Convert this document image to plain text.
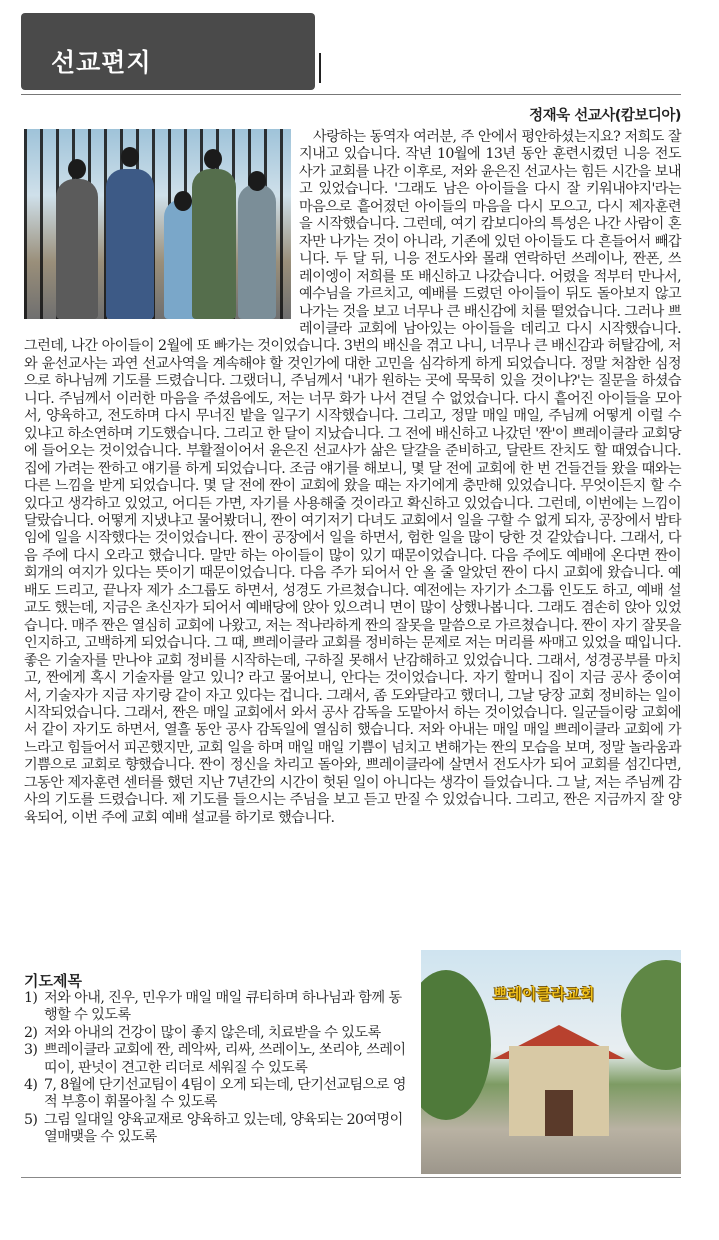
선교편지
정재욱 선교사(캄보디아)

사랑하는 동역자 여러분, 주 안에서 평안하셨는지요? 저희도 잘 지내고 있습니다. 작년 10월에 13년 동안 훈련시켰던 니응 전도사가 교회를 나간 이후로, 저와 윤은진 선교사는 힘든 시간을 보내고 있었습니다. '그래도 남은 아이들을 다시 잘 키워내야지'라는 마음으로 흩어졌던 아이들의 마음을 다시 모으고, 다시 제자훈련을 시작했습니다. 그런데, 여기 캄보디아의 특성은 나간 사람이 혼자만 나가는 것이 아니라, 기존에 있던 아이들도 다 흔들어서 빼갑니다. 두 달 뒤, 니응 전도사와 몰래 연락하던 쓰레이나, 짠폰, 쓰레이엥이 저희를 또 배신하고 나갔습니다. 어렸을 적부터 만나서, 예수님을 가르치고, 예배를 드렸던 아이들이 뒤도 돌아보지 않고 나가는 것을 보고 너무나 큰 배신감에 치를 떨었습니다. 그러나 쁘레이클라 교회에 남아있는 아이들을 데리고 다시 시작했습니다. 그런데, 나간 아이들이 2월에 또 빠가는 것이었습니다. 3번의 배신을 겪고 나니, 너무나 큰 배신감과 허탈감에, 저와 윤선교사는 과연 선교사역을 계속해야 할 것인가에 대한 고민을 심각하게 하게 되었습니다. 정말 처참한 심정으로 하나님께 기도를 드렸습니다. 그랬더니, 주님께서 '내가 원하는 곳에 묵묵히 있을 것이냐?'는 질문을 하셨습니다. 주님께서 이러한 마음을 주셨음에도, 저는 너무 화가 나서 견딜 수 없었습니다. 다시 흩어진 아이들을 모아서, 양육하고, 전도하며 다시 무너진 밭을 일구기 시작했습니다. 그리고, 정말 매일 매일, 주님께 어떻게 이럴 수 있냐고 하소연하며 기도했습니다. 그리고 한 달이 지났습니다. 그 전에 배신하고 나갔던 '짠'이 쁘레이클라 교회당에 들어오는 것이었습니다. 부활절이어서 윤은진 선교사가 삶은 달걀을 준비하고, 달란트 잔치도 할 때였습니다. 집에 가려는 짠하고 얘기를 하게 되었습니다. 조금 얘기를 해보니, 몇 달 전에 교회에 한 번 건들건들 왔을 때와는 다른 느낌을 받게 되었습니다. 몇 달 전에 짠이 교회에 왔을 때는 자기에게 충만해 있었습니다. 무엇이든지 할 수 있다고 생각하고 있었고, 어디든 가면, 자기를 사용해줄 것이라고 확신하고 있었습니다. 그런데, 이번에는 느낌이 달랐습니다. 어떻게 지냈냐고 물어봤더니, 짠이 여기저기 다녀도 교회에서 일을 구할 수 없게 되자, 공장에서 밤타임에 일을 시작했다는 것이었습니다. 짠이 공장에서 일을 하면서, 험한 일을 많이 당한 것 같았습니다. 그래서, 다음 주에 다시 오라고 했습니다. 말만 하는 아이들이 많이 있기 때문이었습니다. 다음 주에도 예배에 온다면 짠이 회개의 여지가 있다는 뜻이기 때문이었습니다. 다음 주가 되어서 안 올 줄 알았던 짠이 다시 교회에 왔습니다. 예배도 드리고, 끝나자 제가 소그룹도 하면서, 성경도 가르쳤습니다. 예전에는 자기가 소그룹 인도도 하고, 예배 설교도 했는데, 지금은 초신자가 되어서 예배당에 앉아 있으려니 면이 많이 상했나봅니다. 그래도 겸손히 앉아 있었습니다. 매주 짠은 열심히 교회에 나왔고, 저는 적나라하게 짠의 잘못을 말씀으로 가르쳤습니다. 짠이 자기 잘못을 인지하고, 고백하게 되었습니다. 그 때, 쁘레이클라 교회를 정비하는 문제로 저는 머리를 싸매고 있었을 때입니다. 좋은 기술자를 만나야 교회 정비를 시작하는데, 구하질 못해서 난감해하고 있었습니다. 그래서, 성경공부를 마치고, 짠에게 혹시 기술자를 알고 있니? 라고 물어보니, 안다는 것이었습니다. 자기 할머니 집이 지금 공사 중이여서, 기술자가 지금 자기랑 같이 자고 있다는 겁니다. 그래서, 좀 도와달라고 했더니, 그날 당장 교회 정비하는 일이 시작되었습니다. 그래서, 짠은 매일 교회에서 와서 공사 감독을 도맡아서 하는 것이었습니다. 일군들이랑 교회에서 같이 자기도 하면서, 열흘 동안 공사 감독일에 열심히 했습니다. 저와 아내는 매일 매일 쁘레이클라 교회에 가느라고 힘들어서 피곤했지만, 교회 일을 하며 매일 매일 기쁨이 넘치고 변해가는 짠의 모습을 보며, 정말 놀라움과 기쁨으로 교회로 향했습니다. 짠이 정신을 차리고 돌아와, 쁘레이클라에 살면서 전도사가 되어 교회를 섬긴다면, 그동안 제자훈련 센터를 했던 지난 7년간의 시간이 헛된 일이 아니다는 생각이 들었습니다. 그 날, 저는 주님께 감사의 기도를 드렸습니다. 제 기도를 들으시는 주님을 보고 듣고 만질 수 있었습니다. 그리고, 짠은 지금까지 잘 양육되어, 이번 주에 교회 예배 설교를 하기로 했습니다.

기도제목
1) 저와 아내, 진우, 민우가 매일 매일 큐티하며 하나님과 함께 동행할 수 있도록
2) 저와 아내의 건강이 많이 좋지 않은데, 치료받을 수 있도록
3) 쁘레이클라 교회에 짠, 레악싸, 리싸, 쓰레이노, 쏘리야, 쓰레이띠이, 판넛이 견고한 리더로 세워질 수 있도록
4) 7, 8월에 단기선교팀이 4팀이 오게 되는데, 단기선교팀으로 영적 부흥이 휘몰아칠 수 있도록
5) 그림 일대일 양육교재로 양육하고 있는데, 양육되는 20여명이 열매맺을 수 있도록
쁘레이클라교회
